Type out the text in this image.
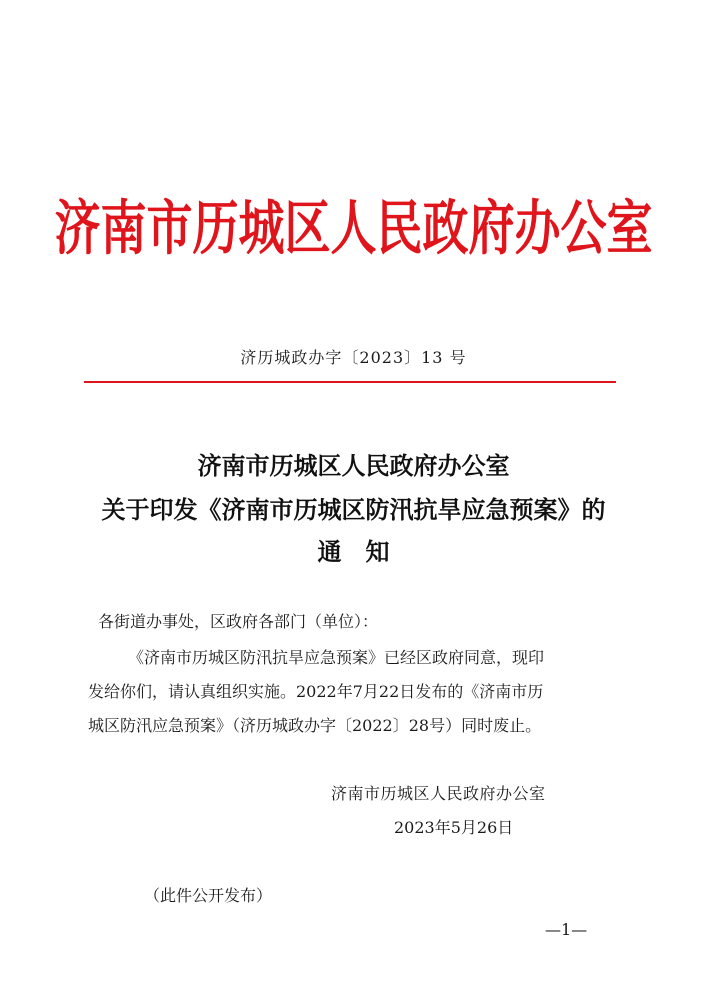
济南市历城区人民政府办公室
济历城政办字〔2023〕13 号
济南市历城区人民政府办公室
关于印发《济南市历城区防汛抗旱应急预案》的
通知
各街道办事处，区政府各部门（单位）：
《济南市历城区防汛抗旱应急预案》已经区政府同意，现印
发给你们，请认真组织实施。2022年7月22日发布的《济南市历
城区防汛应急预案》（济历城政办字〔2022〕28号）同时废止。
济南市历城区人民政府办公室
2023年5月26日
（此件公开发布）
—1—
